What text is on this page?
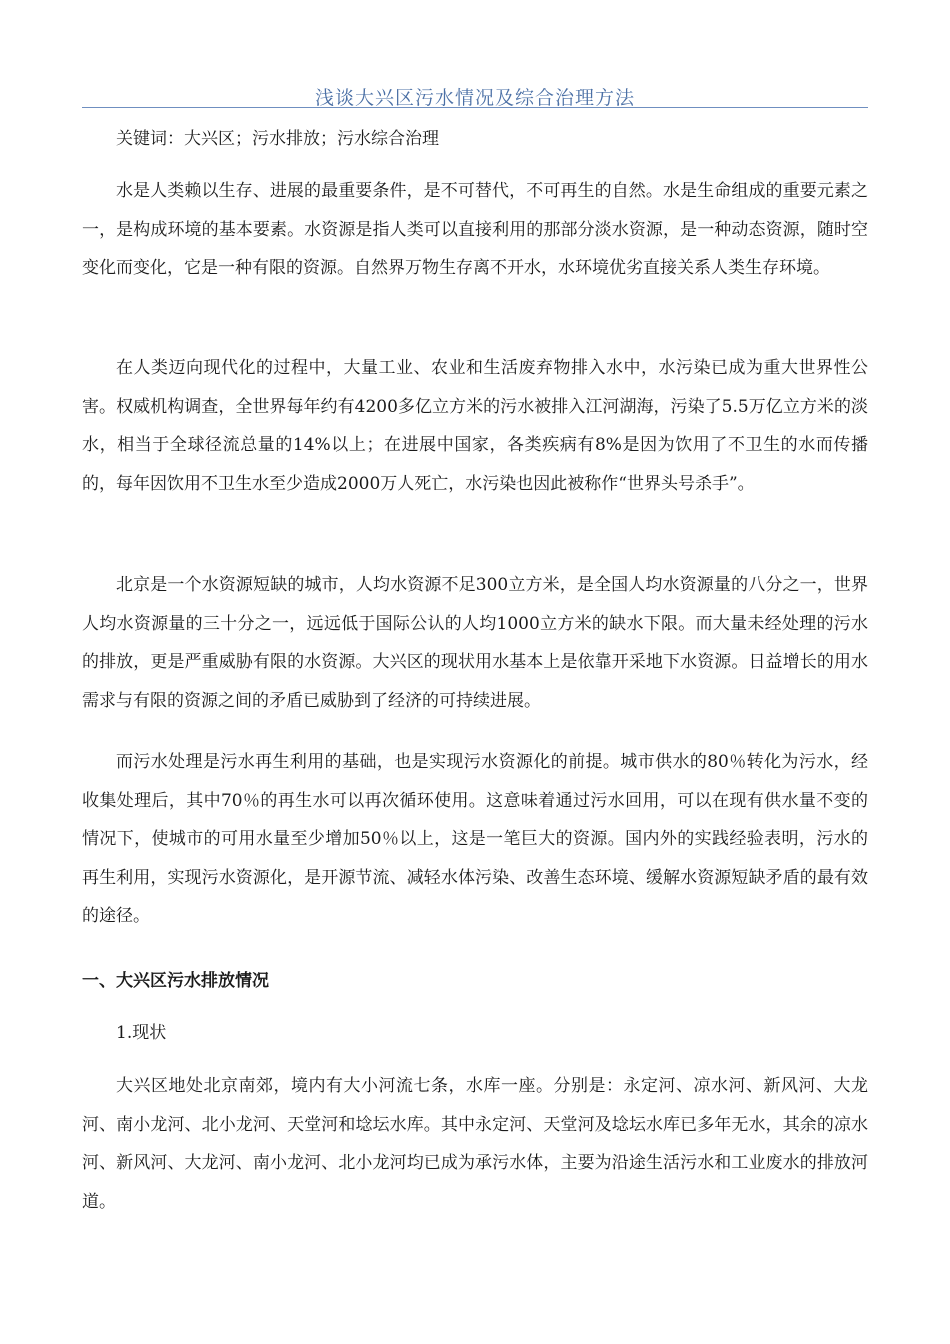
浅谈大兴区污水情况及综合治理方法

关键词：大兴区；污水排放；污水综合治理

水是人类赖以生存、进展的最重要条件，是不可替代，不可再生的自然。水是生命组成的重要元素之一，是构成环境的基本要素。水资源是指人类可以直接利用的那部分淡水资源，是一种动态资源，随时空变化而变化，它是一种有限的资源。自然界万物生存离不开水，水环境优劣直接关系人类生存环境。

在人类迈向现代化的过程中，大量工业、农业和生活废弃物排入水中，水污染已成为重大世界性公害。权威机构调查，全世界每年约有4200多亿立方米的污水被排入江河湖海，污染了5.5万亿立方米的淡水，相当于全球径流总量的14%以上；在进展中国家，各类疾病有8%是因为饮用了不卫生的水而传播的，每年因饮用不卫生水至少造成2000万人死亡，水污染也因此被称作“世界头号杀手”。

北京是一个水资源短缺的城市，人均水资源不足300立方米，是全国人均水资源量的八分之一，世界人均水资源量的三十分之一，远远低于国际公认的人均1000立方米的缺水下限。而大量未经处理的污水的排放，更是严重威胁有限的水资源。大兴区的现状用水基本上是依靠开采地下水资源。日益增长的用水需求与有限的资源之间的矛盾已威胁到了经济的可持续进展。

而污水处理是污水再生利用的基础，也是实现污水资源化的前提。城市供水的80％转化为污水，经收集处理后，其中70％的再生水可以再次循环使用。这意味着通过污水回用，可以在现有供水量不变的情况下，使城市的可用水量至少增加50％以上，这是一笔巨大的资源。国内外的实践经验表明，污水的再生利用，实现污水资源化，是开源节流、减轻水体污染、改善生态环境、缓解水资源短缺矛盾的最有效的途径。

一、大兴区污水排放情况
1.现状

大兴区地处北京南郊，境内有大小河流七条，水库一座。分别是：永定河、凉水河、新风河、大龙河、南小龙河、北小龙河、天堂河和埝坛水库。其中永定河、天堂河及埝坛水库已多年无水，其余的凉水河、新风河、大龙河、南小龙河、北小龙河均已成为承污水体，主要为沿途生活污水和工业废水的排放河道。
